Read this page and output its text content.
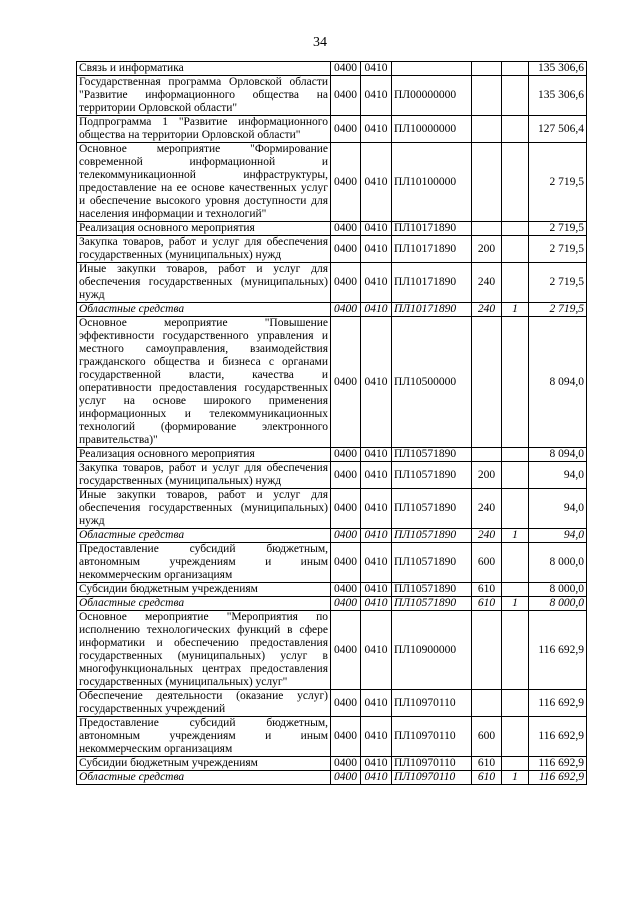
34
Связь и информатика	0400	0410				135 306,6
Государственная программа Орловской области "Развитие информационного общества на территории Орловской области"	0400	0410	ПЛ00000000			135 306,6
Подпрограмма 1 "Развитие информационного общества на территории Орловской области"	0400	0410	ПЛ10000000			127 506,4
Основное мероприятие "Формирование современной информационной и телекоммуникационной инфраструктуры, предоставление на ее основе качественных услуг и обеспечение высокого уровня доступности для населения информации и технологий"	0400	0410	ПЛ10100000			2 719,5
Реализация основного мероприятия	0400	0410	ПЛ10171890			2 719,5
Закупка товаров, работ и услуг для обеспечения государственных (муниципальных) нужд	0400	0410	ПЛ10171890	200		2 719,5
Иные закупки товаров, работ и услуг для обеспечения государственных (муниципальных) нужд	0400	0410	ПЛ10171890	240		2 719,5
Областные средства	0400	0410	ПЛ10171890	240	1	2 719,5
Основное мероприятие "Повышение эффективности государственного управления и местного самоуправления, взаимодействия гражданского общества и бизнеса с органами государственной власти, качества и оперативности предоставления государственных услуг на основе широкого применения информационных и телекоммуникационных технологий (формирование электронного правительства)"	0400	0410	ПЛ10500000			8 094,0
Реализация основного мероприятия	0400	0410	ПЛ10571890			8 094,0
Закупка товаров, работ и услуг для обеспечения государственных (муниципальных) нужд	0400	0410	ПЛ10571890	200		94,0
Иные закупки товаров, работ и услуг для обеспечения государственных (муниципальных) нужд	0400	0410	ПЛ10571890	240		94,0
Областные средства	0400	0410	ПЛ10571890	240	1	94,0
Предоставление субсидий бюджетным, автономным учреждениям и иным некоммерческим организациям	0400	0410	ПЛ10571890	600		8 000,0
Субсидии бюджетным учреждениям	0400	0410	ПЛ10571890	610		8 000,0
Областные средства	0400	0410	ПЛ10571890	610	1	8 000,0
Основное мероприятие "Мероприятия по исполнению технологических функций в сфере информатики и обеспечению предоставления государственных (муниципальных) услуг в многофункциональных центрах предоставления государственных (муниципальных) услуг"	0400	0410	ПЛ10900000			116 692,9
Обеспечение деятельности (оказание услуг) государственных учреждений	0400	0410	ПЛ10970110			116 692,9
Предоставление субсидий бюджетным, автономным учреждениям и иным некоммерческим организациям	0400	0410	ПЛ10970110	600		116 692,9
Субсидии бюджетным учреждениям	0400	0410	ПЛ10970110	610		116 692,9
Областные средства	0400	0410	ПЛ10970110	610	1	116 692,9
